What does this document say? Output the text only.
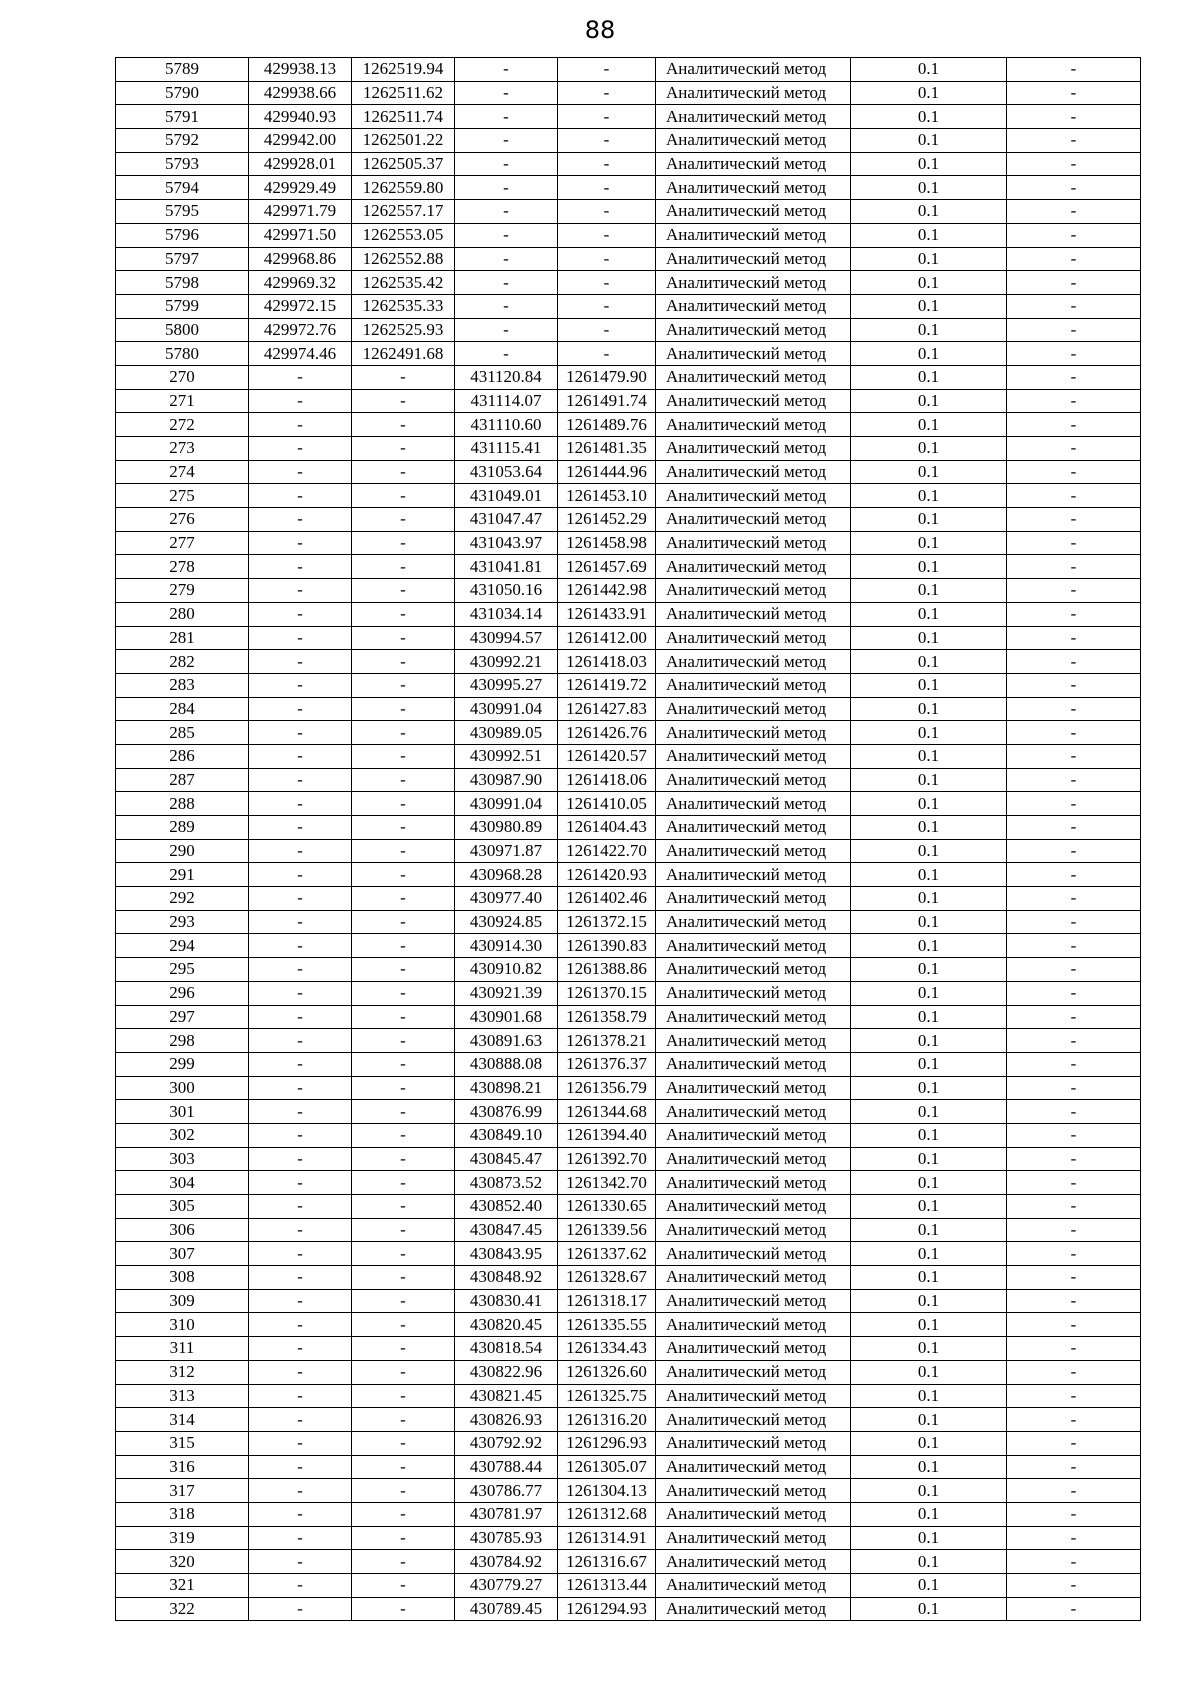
88
5789	429938.13	1262519.94	-	-	Аналитический метод	0.1	-
5790	429938.66	1262511.62	-	-	Аналитический метод	0.1	-
5791	429940.93	1262511.74	-	-	Аналитический метод	0.1	-
5792	429942.00	1262501.22	-	-	Аналитический метод	0.1	-
5793	429928.01	1262505.37	-	-	Аналитический метод	0.1	-
5794	429929.49	1262559.80	-	-	Аналитический метод	0.1	-
5795	429971.79	1262557.17	-	-	Аналитический метод	0.1	-
5796	429971.50	1262553.05	-	-	Аналитический метод	0.1	-
5797	429968.86	1262552.88	-	-	Аналитический метод	0.1	-
5798	429969.32	1262535.42	-	-	Аналитический метод	0.1	-
5799	429972.15	1262535.33	-	-	Аналитический метод	0.1	-
5800	429972.76	1262525.93	-	-	Аналитический метод	0.1	-
5780	429974.46	1262491.68	-	-	Аналитический метод	0.1	-
270	-	-	431120.84	1261479.90	Аналитический метод	0.1	-
271	-	-	431114.07	1261491.74	Аналитический метод	0.1	-
272	-	-	431110.60	1261489.76	Аналитический метод	0.1	-
273	-	-	431115.41	1261481.35	Аналитический метод	0.1	-
274	-	-	431053.64	1261444.96	Аналитический метод	0.1	-
275	-	-	431049.01	1261453.10	Аналитический метод	0.1	-
276	-	-	431047.47	1261452.29	Аналитический метод	0.1	-
277	-	-	431043.97	1261458.98	Аналитический метод	0.1	-
278	-	-	431041.81	1261457.69	Аналитический метод	0.1	-
279	-	-	431050.16	1261442.98	Аналитический метод	0.1	-
280	-	-	431034.14	1261433.91	Аналитический метод	0.1	-
281	-	-	430994.57	1261412.00	Аналитический метод	0.1	-
282	-	-	430992.21	1261418.03	Аналитический метод	0.1	-
283	-	-	430995.27	1261419.72	Аналитический метод	0.1	-
284	-	-	430991.04	1261427.83	Аналитический метод	0.1	-
285	-	-	430989.05	1261426.76	Аналитический метод	0.1	-
286	-	-	430992.51	1261420.57	Аналитический метод	0.1	-
287	-	-	430987.90	1261418.06	Аналитический метод	0.1	-
288	-	-	430991.04	1261410.05	Аналитический метод	0.1	-
289	-	-	430980.89	1261404.43	Аналитический метод	0.1	-
290	-	-	430971.87	1261422.70	Аналитический метод	0.1	-
291	-	-	430968.28	1261420.93	Аналитический метод	0.1	-
292	-	-	430977.40	1261402.46	Аналитический метод	0.1	-
293	-	-	430924.85	1261372.15	Аналитический метод	0.1	-
294	-	-	430914.30	1261390.83	Аналитический метод	0.1	-
295	-	-	430910.82	1261388.86	Аналитический метод	0.1	-
296	-	-	430921.39	1261370.15	Аналитический метод	0.1	-
297	-	-	430901.68	1261358.79	Аналитический метод	0.1	-
298	-	-	430891.63	1261378.21	Аналитический метод	0.1	-
299	-	-	430888.08	1261376.37	Аналитический метод	0.1	-
300	-	-	430898.21	1261356.79	Аналитический метод	0.1	-
301	-	-	430876.99	1261344.68	Аналитический метод	0.1	-
302	-	-	430849.10	1261394.40	Аналитический метод	0.1	-
303	-	-	430845.47	1261392.70	Аналитический метод	0.1	-
304	-	-	430873.52	1261342.70	Аналитический метод	0.1	-
305	-	-	430852.40	1261330.65	Аналитический метод	0.1	-
306	-	-	430847.45	1261339.56	Аналитический метод	0.1	-
307	-	-	430843.95	1261337.62	Аналитический метод	0.1	-
308	-	-	430848.92	1261328.67	Аналитический метод	0.1	-
309	-	-	430830.41	1261318.17	Аналитический метод	0.1	-
310	-	-	430820.45	1261335.55	Аналитический метод	0.1	-
311	-	-	430818.54	1261334.43	Аналитический метод	0.1	-
312	-	-	430822.96	1261326.60	Аналитический метод	0.1	-
313	-	-	430821.45	1261325.75	Аналитический метод	0.1	-
314	-	-	430826.93	1261316.20	Аналитический метод	0.1	-
315	-	-	430792.92	1261296.93	Аналитический метод	0.1	-
316	-	-	430788.44	1261305.07	Аналитический метод	0.1	-
317	-	-	430786.77	1261304.13	Аналитический метод	0.1	-
318	-	-	430781.97	1261312.68	Аналитический метод	0.1	-
319	-	-	430785.93	1261314.91	Аналитический метод	0.1	-
320	-	-	430784.92	1261316.67	Аналитический метод	0.1	-
321	-	-	430779.27	1261313.44	Аналитический метод	0.1	-
322	-	-	430789.45	1261294.93	Аналитический метод	0.1	-
